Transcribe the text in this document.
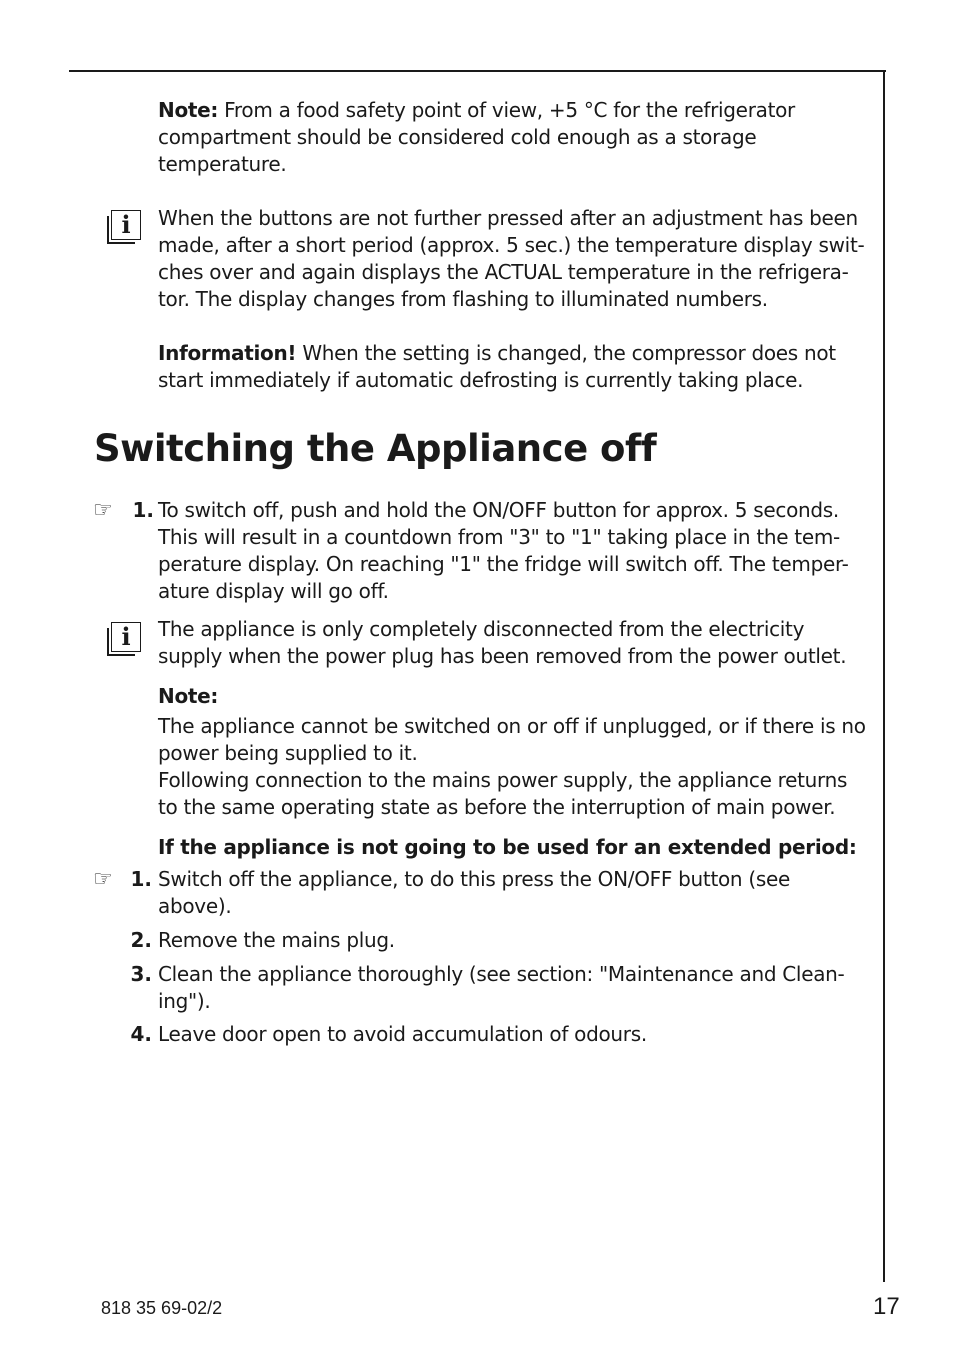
Note: From a food safety point of view, +5 °C for the refrigerator compartment should be considered cold enough as a storage temperature.
i	When the buttons are not further pressed after an adjustment has been made, after a short period (approx. 5 sec.) the temperature display swit-ches over and again displays the ACTUAL temperature in the refrigera-tor. The display changes from flashing to illuminated numbers.
Information! When the setting is changed, the compressor does not start immediately if automatic defrosting is currently taking place.
Switching the Appliance off
☞ 1. To switch off, push and hold the ON/OFF button for approx. 5 seconds. This will result in a countdown from "3" to "1" taking place in the tem-perature display. On reaching "1" the fridge will switch off. The temper-ature display will go off.
i	The appliance is only completely disconnected from the electricity supply when the power plug has been removed from the power outlet.
Note:
The appliance cannot be switched on or off if unplugged, or if there is no power being supplied to it.
Following connection to the mains power supply, the appliance returns to the same operating state as before the interruption of main power.
If the appliance is not going to be used for an extended period:
☞ 1. Switch off the appliance, to do this press the ON/OFF button (see above).
2. Remove the mains plug.
3. Clean the appliance thoroughly (see section: "Maintenance and Clean-ing").
4. Leave door open to avoid accumulation of odours.
818 35 69-02/2	17
